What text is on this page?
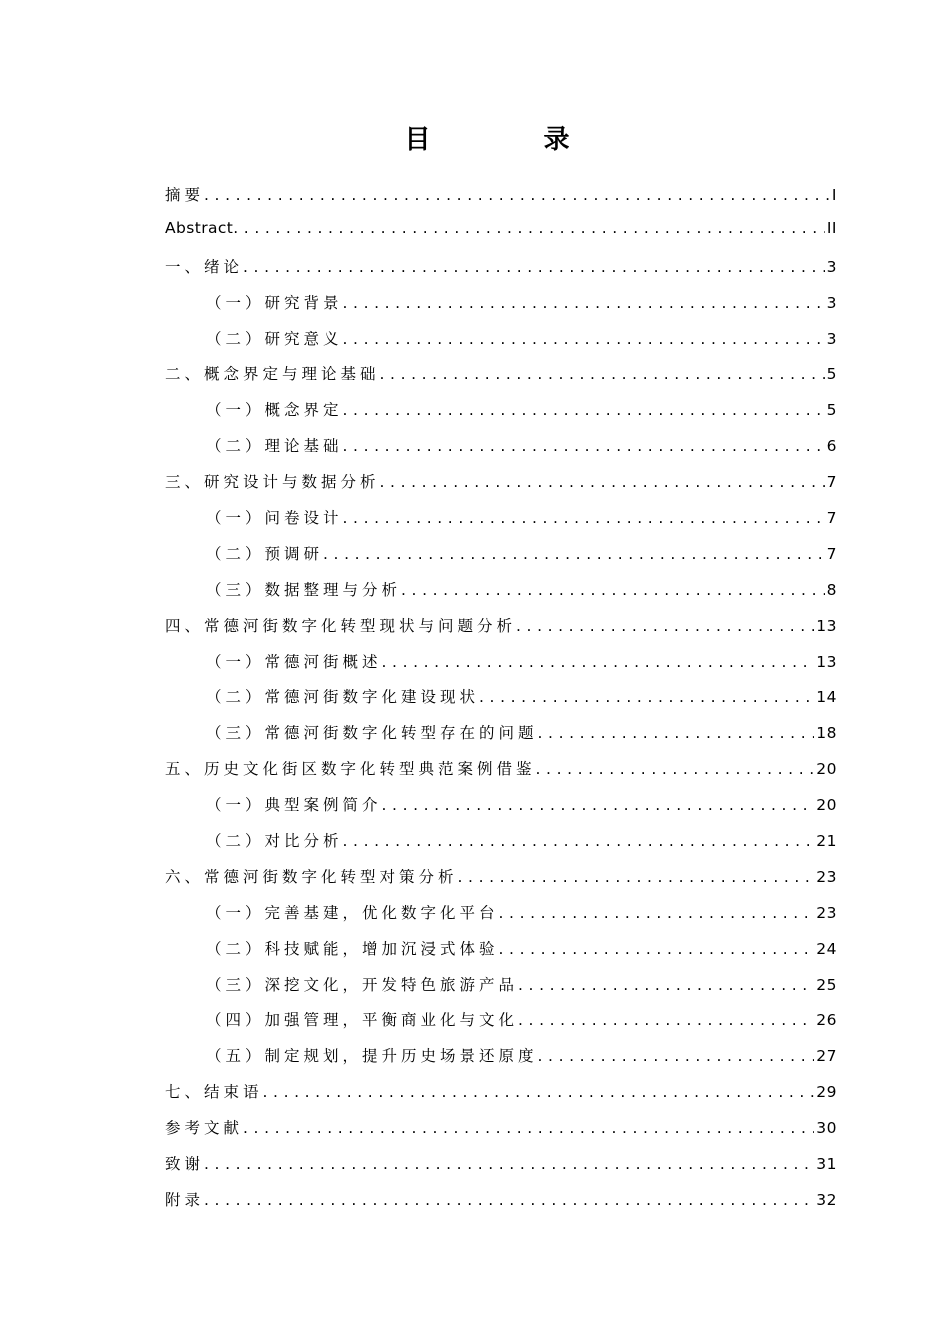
目 录
摘要 .....	I
Abstract .....	II
一、绪论 .....	3
（一）研究背景 .....	3
（二）研究意义 .....	3
二、概念界定与理论基础 .....	5
（一）概念界定 .....	5
（二）理论基础 .....	6
三、研究设计与数据分析 .....	7
（一）问卷设计 .....	7
（二）预调研 .....	7
（三）数据整理与分析 .....	8
四、常德河街数字化转型现状与问题分析 .....	13
（一）常德河街概述 .....	13
（二）常德河街数字化建设现状 .....	14
（三）常德河街数字化转型存在的问题 .....	18
五、历史文化街区数字化转型典范案例借鉴 .....	20
（一）典型案例简介 .....	20
（二）对比分析 .....	21
六、常德河街数字化转型对策分析 .....	23
（一）完善基建，优化数字化平台 .....	23
（二）科技赋能，增加沉浸式体验 .....	24
（三）深挖文化，开发特色旅游产品 .....	25
（四）加强管理，平衡商业化与文化 .....	26
（五）制定规划，提升历史场景还原度 .....	27
七、结束语 .....	29
参考文献 .....	30
致谢 .....	31
附录 .....	32
